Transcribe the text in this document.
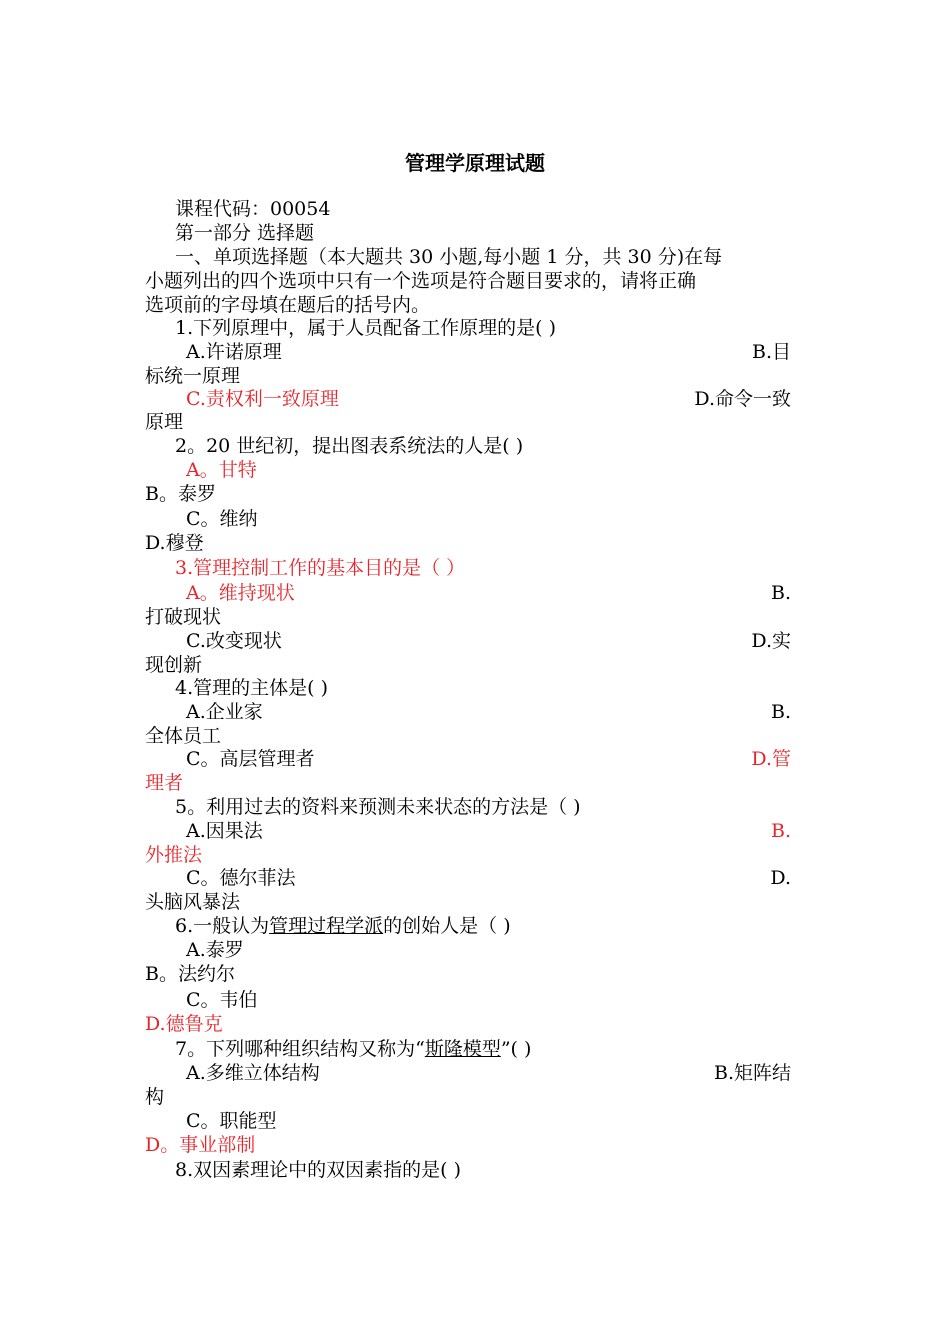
管理学原理试题
课程代码：00054
第一部分 选择题
一、单项选择题（本大题共 30 小题,每小题 1 分，共 30 分)在每
小题列出的四个选项中只有一个选项是符合题目要求的，请将正确
选项前的字母填在题后的括号内。
1.下列原理中，属于人员配备工作原理的是( )
A.许诺原理	B.目
标统一原理
C.责权利一致原理	D.命令一致
原理
2。20 世纪初，提出图表系统法的人是( )
A。甘特
B。泰罗
C。维纳
D.穆登
3.管理控制工作的基本目的是（ ）
A。维持现状	B.
打破现状
C.改变现状	D.实
现创新
4.管理的主体是( )
A.企业家	B.
全体员工
C。高层管理者	D.管
理者
5。利用过去的资料来预测未来状态的方法是（ )
A.因果法	B.
外推法
C。德尔菲法	D.
头脑风暴法
6.一般认为管理过程学派的创始人是（ )
A.泰罗
B。法约尔
C。韦伯
D.德鲁克
7。下列哪种组织结构又称为“斯隆模型”( )
A.多维立体结构	B.矩阵结
构
C。职能型
D。事业部制
8.双因素理论中的双因素指的是( )
